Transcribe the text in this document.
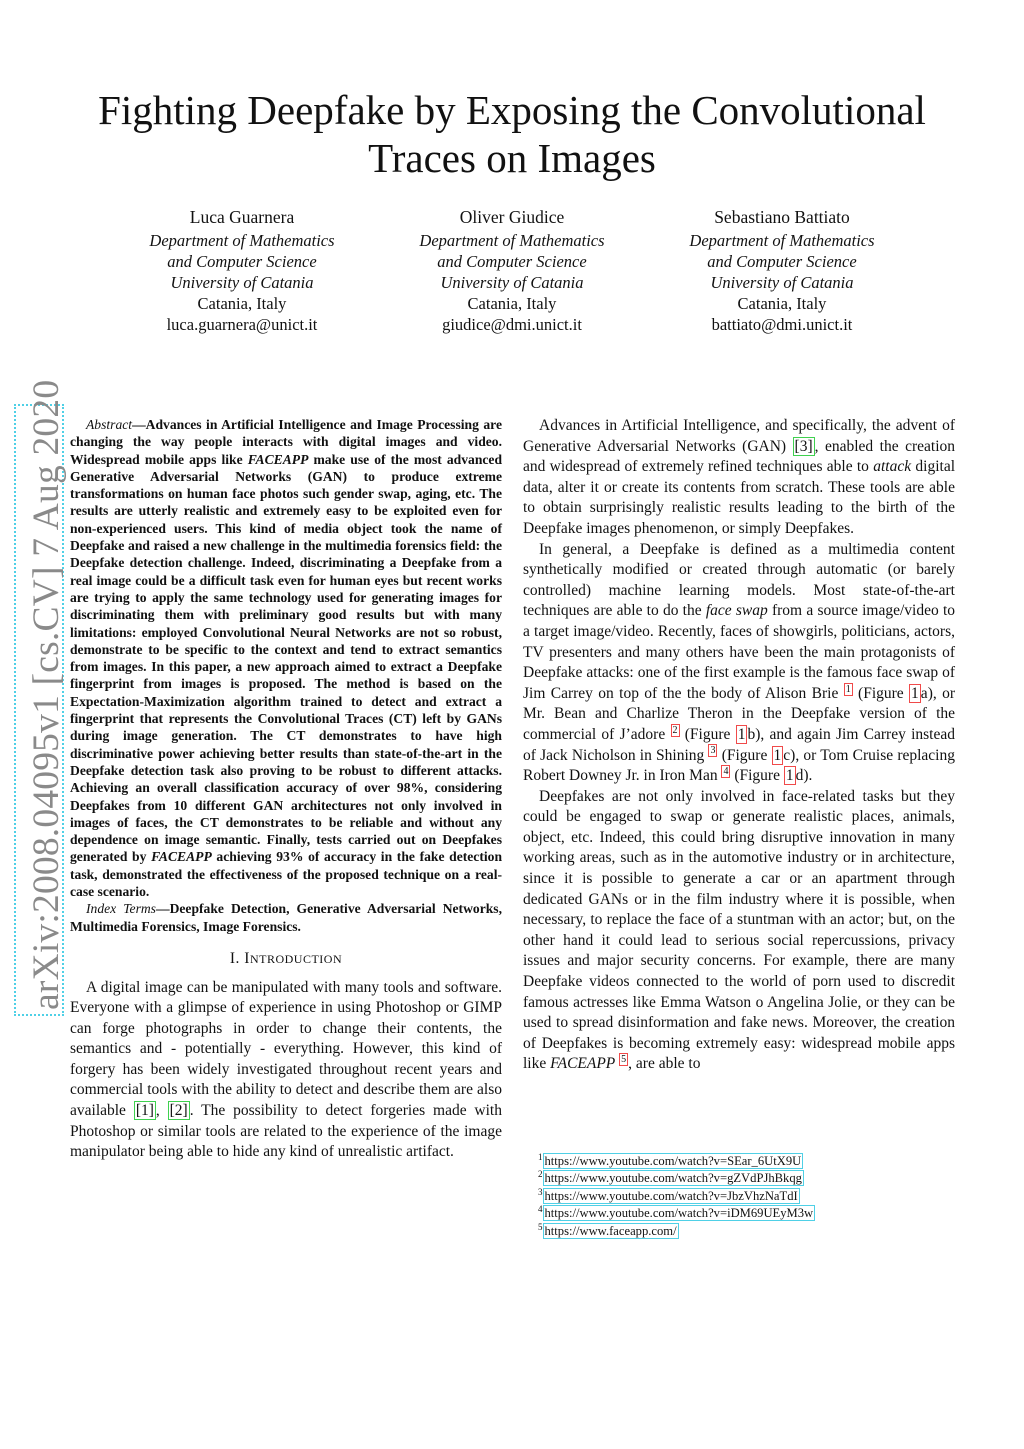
Fighting Deepfake by Exposing the Convolutional
Traces on Images
Luca Guarnera
Department of Mathematics
and Computer Science
University of Catania
Catania, Italy
luca.guarnera@unict.it
Oliver Giudice
Department of Mathematics
and Computer Science
University of Catania
Catania, Italy
giudice@dmi.unict.it
Sebastiano Battiato
Department of Mathematics
and Computer Science
University of Catania
Catania, Italy
battiato@dmi.unict.it
arXiv:2008.04095v1 [cs.CV] 7 Aug 2020	Abstract—Advances in Artificial Intelligence and Image Processing are changing the way people interacts with digital images and video. Widespread mobile apps like FACEAPP make use of the most advanced Generative Adversarial Networks (GAN) to produce extreme transformations on human face photos such gender swap, aging, etc. The results are utterly realistic and extremely easy to be exploited even for non-experienced users. This kind of media object took the name of Deepfake and raised a new challenge in the multimedia forensics field: the Deepfake detection challenge. Indeed, discriminating a Deepfake from a real image could be a difficult task even for human eyes but recent works are trying to apply the same technology used for generating images for discriminating them with preliminary good results but with many limitations: employed Convolutional Neural Networks are not so robust, demonstrate to be specific to the context and tend to extract semantics from images. In this paper, a new approach aimed to extract a Deepfake fingerprint from images is proposed. The method is based on the Expectation-Maximization algorithm trained to detect and extract a fingerprint that represents the Convolutional Traces (CT) left by GANs during image generation. The CT demonstrates to have high discriminative power achieving better results than state-of-the-art in the Deepfake detection task also proving to be robust to different attacks. Achieving an overall classification accuracy of over 98%, considering Deepfakes from 10 different GAN architectures not only involved in images of faces, the CT demonstrates to be reliable and without any dependence on image semantic. Finally, tests carried out on Deepfakes generated by FACEAPP achieving 93% of accuracy in the fake detection task, demonstrated the effectiveness of the proposed technique on a real-case scenario.

Index Terms—Deepfake Detection, Generative Adversarial Networks, Multimedia Forensics, Image Forensics.

I. INTRODUCTION

A digital image can be manipulated with many tools and software. Everyone with a glimpse of experience in using Photoshop or GIMP can forge photographs in order to change their contents, the semantics and - potentially - everything. However, this kind of forgery has been widely investigated throughout recent years and commercial tools with the ability to detect and describe them are also available [1] , [2] . The possibility to detect forgeries made with Photoshop or similar tools are related to the experience of the image manipulator being able to hide any kind of unrealistic artifact.

Advances in Artificial Intelligence, and specifically, the advent of Generative Adversarial Networks (GAN) [3] , enabled the creation and widespread of extremely refined techniques able to attack digital data, alter it or create its contents from scratch. These tools are able to obtain surprisingly realistic results leading to the birth of the Deepfake images phenomenon, or simply Deepfakes.

In general, a Deepfake is defined as a multimedia content synthetically modified or created through automatic (or barely controlled) machine learning models. Most state-of-the-art techniques are able to do the face swap from a source image/video to a target image/video. Recently, faces of showgirls, politicians, actors, TV presenters and many others have been the main protagonists of Deepfake attacks: one of the first example is the famous face swap of Jim Carrey on top of the the body of Alison Brie $^1$ (Figure 1 a), or Mr. Bean and Charlize Theron in the Deepfake version of the commercial of J’adore $^2$ (Figure 1 b), and again Jim Carrey instead of Jack Nicholson in Shining $^3$ (Figure 1 c), or Tom Cruise replacing Robert Downey Jr. in Iron Man $^4$ (Figure 1 d).

Deepfakes are not only involved in face-related tasks but they could be engaged to swap or generate realistic places, animals, object, etc. Indeed, this could bring disruptive innovation in many working areas, such as in the automotive industry or in architecture, since it is possible to generate a car or an apartment through dedicated GANs or in the film industry where it is possible, when necessary, to replace the face of a stuntman with an actor; but, on the other hand it could lead to serious social repercussions, privacy issues and major security concerns. For example, there are many Deepfake videos connected to the world of porn used to discredit famous actresses like Emma Watson o Angelina Jolie, or they can be used to spread disinformation and fake news. Moreover, the creation of Deepfakes is becoming extremely easy: widespread mobile apps like FACEAPP $^5$ , are able to

$^1$ https://www.youtube.com/watch?v=SEar_6UtX9U
$^2$ https://www.youtube.com/watch?v=gZVdPJhBkqg
$^3$ https://www.youtube.com/watch?v=JbzVhzNaTdI
$^4$ https://www.youtube.com/watch?v=iDM69UEyM3w
$^5$ https://www.faceapp.com/
